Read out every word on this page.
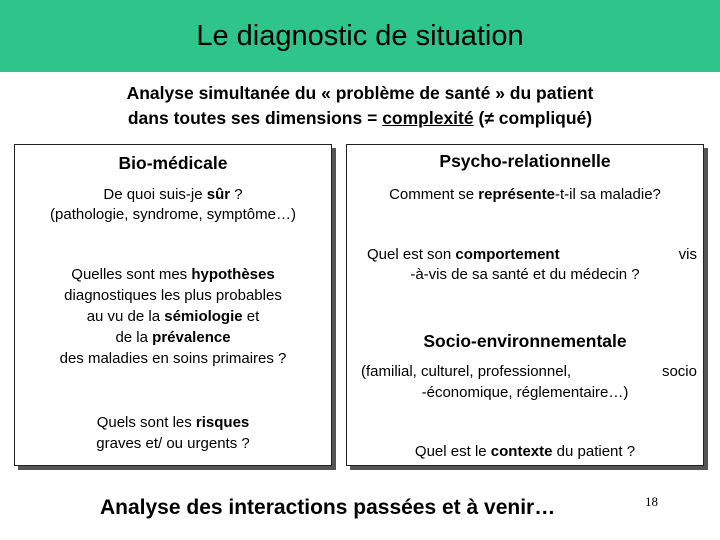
Le diagnostic de situation
Analyse simultanée du « problème de santé » du patient
dans toutes ses dimensions = complexité (≠ compliqué)
Bio-médicale
De quoi suis-je sûr ?
(pathologie, syndrome, symptôme…)
Quelles sont mes hypothèses
diagnostiques les plus probables
au vu de la sémiologie et
de la prévalence
des maladies en soins primaires ?
Quels sont les risques
graves et/ ou urgents ?
Psycho-relationnelle
Comment se représente-t-il sa maladie?
Quel est son comportement	vis
-à-vis de sa santé et du médecin ?
Socio-environnementale
(familial, culturel, professionnel,	socio
-économique, réglementaire…)
Quel est le contexte du patient ?
Analyse des interactions passées et à venir…	18
